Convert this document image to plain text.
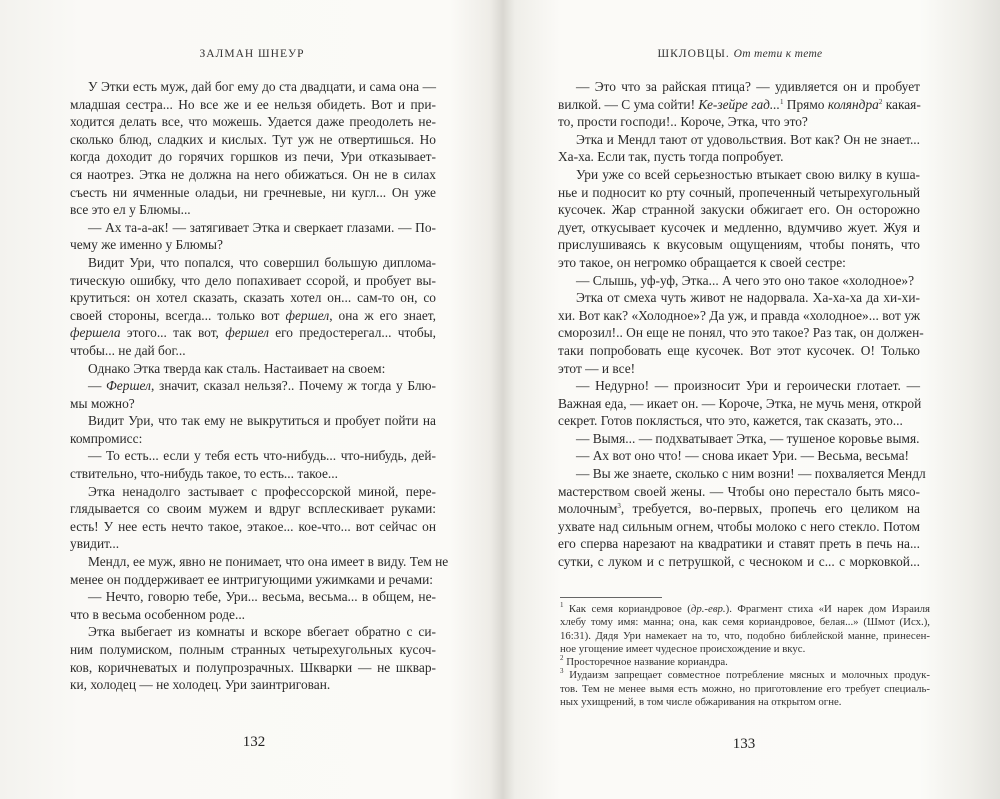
ЗАЛМАН ШНЕУР
У Этки есть муж, дай бог ему до ста двадцати, и сама она —
младшая сестра... Но все же и ее нельзя обидеть. Вот и при-
ходится делать все, что можешь. Удается даже преодолеть не-
сколько блюд, сладких и кислых. Тут уж не отвертишься. Но
когда доходит до горячих горшков из печи, Ури отказывает-
ся наотрез. Этка не должна на него обижаться. Он не в силах
съесть ни ячменные оладьи, ни гречневые, ни кугл... Он уже
все это ел у Блюмы...
— Ах та-а-ак! — затягивает Этка и сверкает глазами. — По-
чему же именно у Блюмы?
Видит Ури, что попался, что совершил большую диплома-
тическую ошибку, что дело попахивает ссорой, и пробует вы-
крутиться: он хотел сказать, сказать хотел он... сам-то он, со
своей стороны, всегда... только вот фершел, она ж его знает,
фершела этого... так вот, фершел его предостерегал... чтобы,
чтобы... не дай бог...
Однако Этка тверда как сталь. Настаивает на своем:
— Фершел, значит, сказал нельзя?.. Почему ж тогда у Блю-
мы можно?
Видит Ури, что так ему не выкрутиться и пробует пойти на
компромисс:
— То есть... если у тебя есть что-нибудь... что-нибудь, дей-
ствительно, что-нибудь такое, то есть... такое...
Этка ненадолго застывает с профессорской миной, пере-
глядывается со своим мужем и вдруг всплескивает руками:
есть! У нее есть нечто такое, этакое... кое-что... вот сейчас он
увидит...
Мендл, ее муж, явно не понимает, что она имеет в виду. Тем не
менее он поддерживает ее интригующими ужимками и речами:
— Нечто, говорю тебе, Ури... весьма, весьма... в общем, не-
что в весьма особенном роде...
Этка выбегает из комнаты и вскоре вбегает обратно с си-
ним полумиском, полным странных четырехугольных кусоч-
ков, коричневатых и полупрозрачных. Шкварки — не шквар-
ки, холодец — не холодец. Ури заинтригован.
132
ШКЛОВЦЫ. От тети к тете
— Это что за райская птица? — удивляется он и пробует
вилкой. — С ума сойти! Ке-зейре гад...$^1$ Прямо коляндра$^2$ какая-
то, прости господи!.. Короче, Этка, что это?
Этка и Мендл тают от удовольствия. Вот как? Он не знает...
Ха-ха. Если так, пусть тогда попробует.
Ури уже со всей серьезностью втыкает свою вилку в куша-
нье и подносит ко рту сочный, пропеченный четырехугольный
кусочек. Жар странной закуски обжигает его. Он осторожно
дует, откусывает кусочек и медленно, вдумчиво жует. Жуя и
прислушиваясь к вкусовым ощущениям, чтобы понять, что
это такое, он негромко обращается к своей сестре:
— Слышь, уф-уф, Этка... А чего это оно такое «холодное»?
Этка от смеха чуть живот не надорвала. Ха-ха-ха да хи-хи-
хи. Вот как? «Холодное»? Да уж, и правда «холодное»... вот уж
сморозил!.. Он еще не понял, что это такое? Раз так, он должен-
таки попробовать еще кусочек. Вот этот кусочек. О! Только
этот — и все!
— Недурно! — произносит Ури и героически глотает. —
Важная еда, — икает он. — Короче, Этка, не мучь меня, открой
секрет. Готов поклясться, что это, кажется, так сказать, это...
— Вымя... — подхватывает Этка, — тушеное коровье вымя.
— Ах вот оно что! — снова икает Ури. — Весьма, весьма!
— Вы же знаете, сколько с ним возни! — похваляется Мендл
мастерством своей жены. — Чтобы оно перестало быть мясо-
молочным$^3$, требуется, во-первых, пропечь его целиком на
ухвате над сильным огнем, чтобы молоко с него стекло. Потом
его сперва нарезают на квадратики и ставят преть в печь на...
сутки, с луком и с петрушкой, с чесноком и с... с морковкой...
$^1$ Как семя кориандровое (др.-евр.). Фрагмент стиха «И нарек дом Израиля
хлебу тому имя: манна; она, как семя кориандровое, белая...» (Шмот (Исх.),
16:31). Дядя Ури намекает на то, что, подобно библейской манне, принесен-
ное угощение имеет чудесное происхождение и вкус.
$^2$ Просторечное название кориандра.
$^3$ Иудаизм запрещает совместное потребление мясных и молочных продук-
тов. Тем не менее вымя есть можно, но приготовление его требует специаль-
ных ухищрений, в том числе обжаривания на открытом огне.
133
